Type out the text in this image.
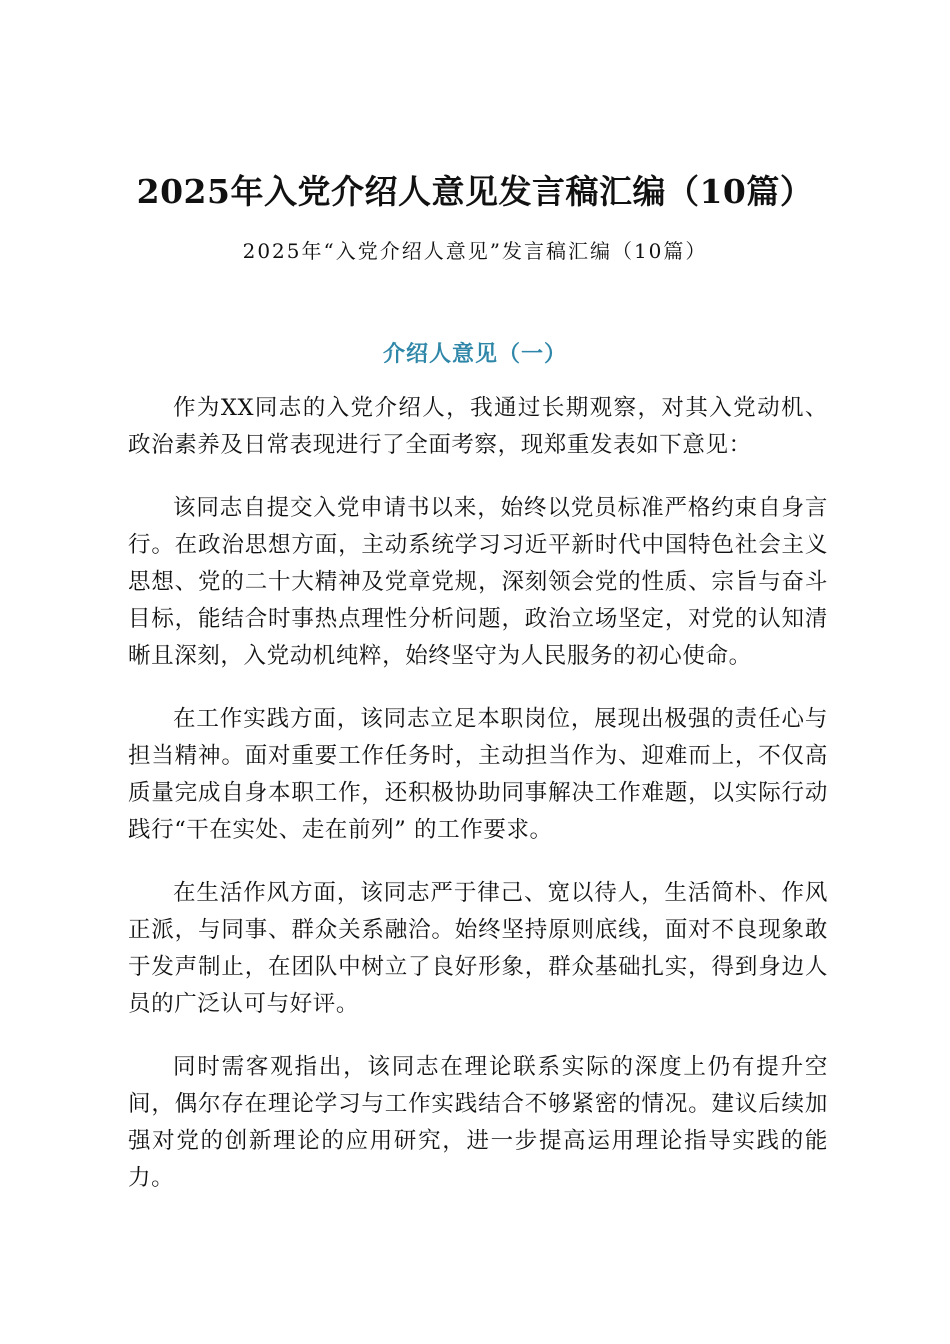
2025年入党介绍人意见发言稿汇编（10篇）
2025年“入党介绍人意见”发言稿汇编（10篇）
介绍人意见（一）

作为XX同志的入党介绍人，我通过长期观察，对其入党动机、政治素养及日常表现进行了全面考察，现郑重发表如下意见：

该同志自提交入党申请书以来，始终以党员标准严格约束自身言行。在政治思想方面，主动系统学习习近平新时代中国特色社会主义思想、党的二十大精神及党章党规，深刻领会党的性质、宗旨与奋斗目标，能结合时事热点理性分析问题，政治立场坚定，对党的认知清晰且深刻，入党动机纯粹，始终坚守为人民服务的初心使命。

在工作实践方面，该同志立足本职岗位，展现出极强的责任心与担当精神。面对重要工作任务时，主动担当作为、迎难而上，不仅高质量完成自身本职工作，还积极协助同事解决工作难题，以实际行动践行“干在实处、走在前列” 的工作要求。

在生活作风方面，该同志严于律己、宽以待人，生活简朴、作风正派，与同事、群众关系融洽。始终坚持原则底线，面对不良现象敢于发声制止，在团队中树立了良好形象，群众基础扎实，得到身边人员的广泛认可与好评。

同时需客观指出，该同志在理论联系实际的深度上仍有提升空间，偶尔存在理论学习与工作实践结合不够紧密的情况。建议后续加强对党的创新理论的应用研究，进一步提高运用理论指导实践的能力。
